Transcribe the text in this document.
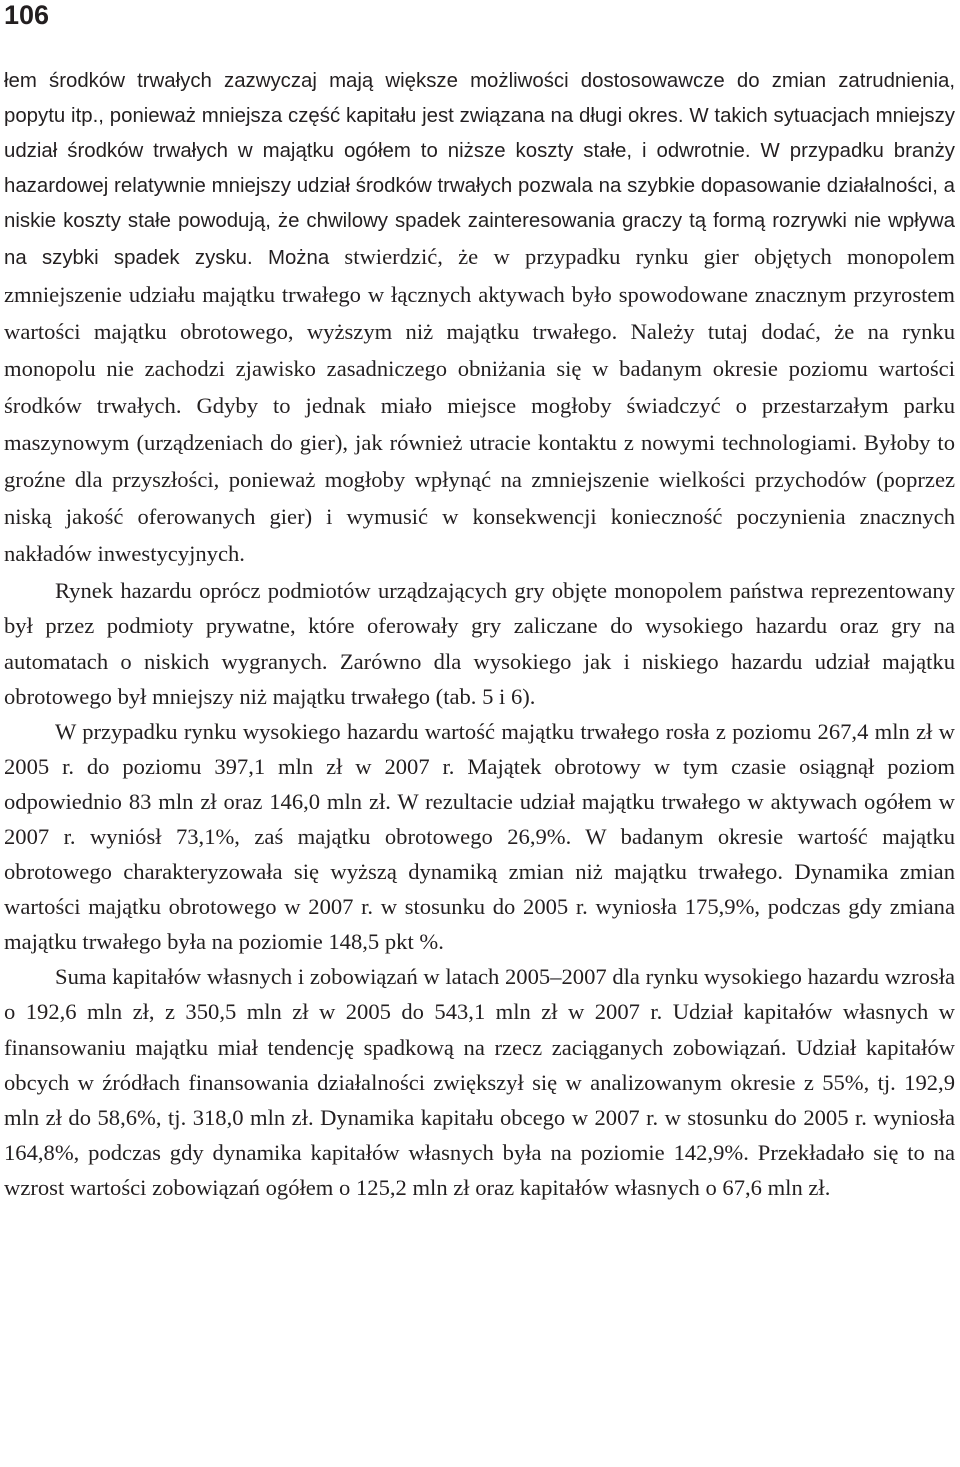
106

łem środków trwałych zazwyczaj mają większe możliwości dostosowawcze do zmian zatrudnienia, popytu itp., ponieważ mniejsza część kapitału jest związana na długi okres. W takich sytuacjach mniejszy udział środków trwałych w majątku ogółem to niższe koszty stałe, i odwrotnie. W przypadku branży hazardowej relatywnie mniejszy udział środków trwałych pozwala na szybkie dopasowanie działalności, a niskie koszty stałe powodują, że chwilowy spadek zainteresowania graczy tą formą rozrywki nie wpływa na szybki spadek zysku. Można stwierdzić, że w przypadku rynku gier objętych monopolem zmniejszenie udziału majątku trwałego w łącznych aktywach było spowodowane znacznym przyrostem wartości majątku obrotowego, wyższym niż majątku trwałego. Należy tutaj dodać, że na rynku monopolu nie zachodzi zjawisko zasadniczego obniżania się w badanym okresie poziomu wartości środków trwałych. Gdyby to jednak miało miejsce mogłoby świadczyć o przestarzałym parku maszynowym (urządzeniach do gier), jak również utracie kontaktu z nowymi technologiami. Byłoby to groźne dla przyszłości, ponieważ mogłoby wpłynąć na zmniejszenie wielkości przychodów (poprzez niską jakość oferowanych gier) i wymusić w konsekwencji konieczność poczynienia znacznych nakładów inwestycyjnych.

Rynek hazardu oprócz podmiotów urządzających gry objęte monopolem państwa reprezentowany był przez podmioty prywatne, które oferowały gry zaliczane do wysokiego hazardu oraz gry na automatach o niskich wygranych. Zarówno dla wysokiego jak i niskiego hazardu udział majątku obrotowego był mniejszy niż majątku trwałego (tab. 5 i 6).

W przypadku rynku wysokiego hazardu wartość majątku trwałego rosła z poziomu 267,4 mln zł w 2005 r. do poziomu 397,1 mln zł w 2007 r. Majątek obrotowy w tym czasie osiągnął poziom odpowiednio 83 mln zł oraz 146,0 mln zł. W rezultacie udział majątku trwałego w aktywach ogółem w 2007 r. wyniósł 73,1%, zaś majątku obrotowego 26,9%. W badanym okresie wartość majątku obrotowego charakteryzowała się wyższą dynamiką zmian niż majątku trwałego. Dynamika zmian wartości majątku obrotowego w 2007 r. w stosunku do 2005 r. wyniosła 175,9%, podczas gdy zmiana majątku trwałego była na poziomie 148,5 pkt %.

Suma kapitałów własnych i zobowiązań w latach 2005–2007 dla rynku wysokiego hazardu wzrosła o 192,6 mln zł, z 350,5 mln zł w 2005 do 543,1 mln zł w 2007 r. Udział kapitałów własnych w finansowaniu majątku miał tendencję spadkową na rzecz zaciąganych zobowiązań. Udział kapitałów obcych w źródłach finansowania działalności zwiększył się w analizowanym okresie z 55%, tj. 192,9 mln zł do 58,6%, tj. 318,0 mln zł. Dynamika kapitału obcego w 2007 r. w stosunku do 2005 r. wyniosła 164,8%, podczas gdy dynamika kapitałów własnych była na poziomie 142,9%. Przekładało się to na wzrost wartości zobowiązań ogółem o 125,2 mln zł oraz kapitałów własnych o 67,6 mln zł.
